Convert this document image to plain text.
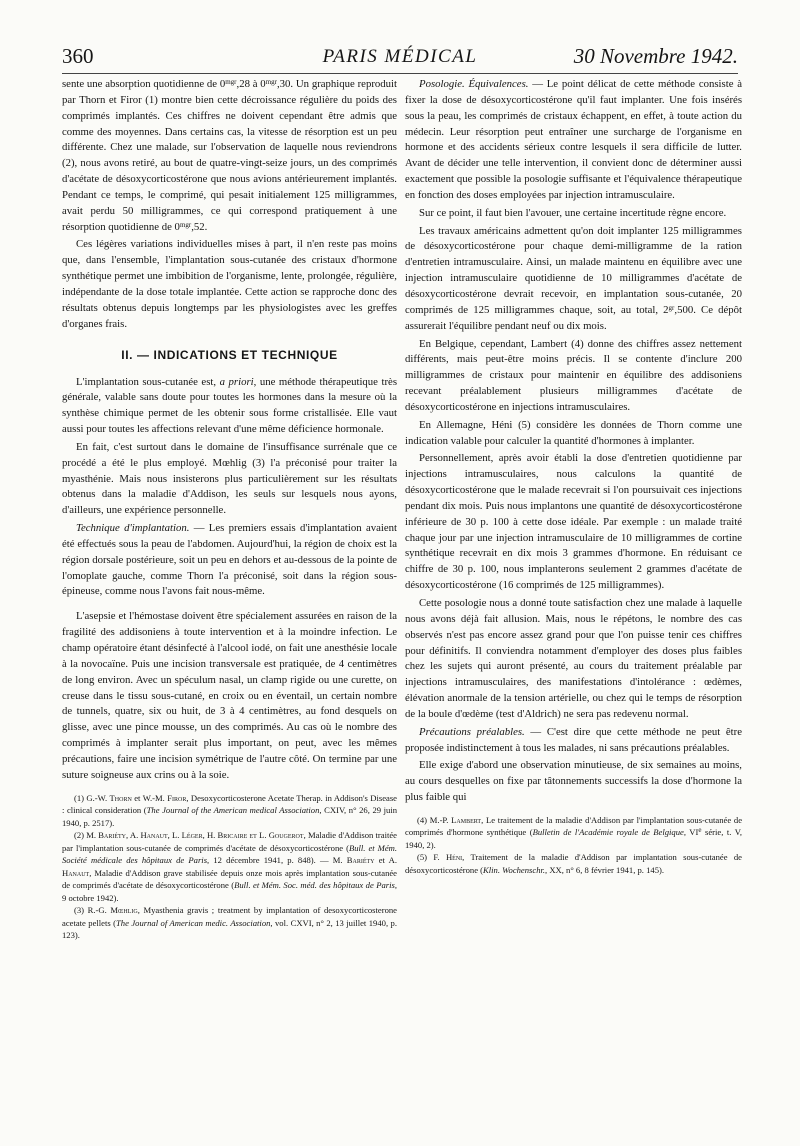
360	PARIS MÉDICAL	30 Novembre 1942.

sente une absorption quotidienne de $0^{mgr},28$ à $0^{mgr},30$. Un graphique reproduit par Thorn et Firor (1) montre bien cette décroissance régulière du poids des comprimés implantés. Ces chiffres ne doivent cependant être admis que comme des moyennes. Dans certains cas, la vitesse de résorption est un peu différente. Chez une malade, sur l'observation de laquelle nous reviendrons (2), nous avons retiré, au bout de quatre-vingt-seize jours, un des comprimés d'acétate de désoxycorticostérone que nous avions antérieurement implantés. Pendant ce temps, le comprimé, qui pesait initialement 125 milligrammes, avait perdu 50 milligrammes, ce qui correspond pratiquement à une résorption quotidienne de $0^{mgr},52$.

Ces légères variations individuelles mises à part, il n'en reste pas moins que, dans l'ensemble, l'implantation sous-cutanée des cristaux d'hormone synthétique permet une imbibition de l'organisme, lente, prolongée, régulière, indépendante de la dose totale implantée. Cette action se rapproche donc des résultats obtenus depuis longtemps par les physiologistes avec les greffes d'organes frais.

II. — INDICATIONS ET TECHNIQUE

L'implantation sous-cutanée est, a priori, une méthode thérapeutique très générale, valable sans doute pour toutes les hormones dans la mesure où la synthèse chimique permet de les obtenir sous forme cristallisée. Elle vaut aussi pour toutes les affections relevant d'une même déficience hormonale.

En fait, c'est surtout dans le domaine de l'insuffisance surrénale que ce procédé a été le plus employé. Mœhlig (3) l'a préconisé pour traiter la myasthénie. Mais nous insisterons plus particulièrement sur les résultats obtenus dans la maladie d'Addison, les seuls sur lesquels nous ayons, d'ailleurs, une expérience personnelle.

Technique d'implantation. — Les premiers essais d'implantation avaient été effectués sous la peau de l'abdomen. Aujourd'hui, la région de choix est la région dorsale postérieure, soit un peu en dehors et au-dessous de la pointe de l'omoplate gauche, comme Thorn l'a préconisé, soit dans la région sous-épineuse, comme nous l'avons fait nous-même.

L'asepsie et l'hémostase doivent être spécialement assurées en raison de la fragilité des addisoniens à toute intervention et à la moindre infection. Le champ opératoire étant désinfecté à l'alcool iodé, on fait une anesthésie locale à la novocaïne. Puis une incision transversale est pratiquée, de 4 centimètres de long environ. Avec un spéculum nasal, un clamp rigide ou une curette, on creuse dans le tissu sous-cutané, en croix ou en éventail, un certain nombre de tunnels, quatre, six ou huit, de 3 à 4 centimètres, au fond desquels on glisse, avec une pince mousse, un des comprimés. Au cas où le nombre des comprimés à implanter serait plus important, on peut, avec les mêmes précautions, faire une incision symétrique de l'autre côté. On termine par une suture soigneuse aux crins ou à la soie.

(1) G.-W. Thorn et W.-M. Firor, Desoxycorticosterone Acetate Therap. in Addison's Disease : clinical consideration (The Journal of the American medical Association, CXIV, n° 26, 29 juin 1940, p. 2517).

(2) M. Bariéty, A. Hanaut, L. Léger, H. Bricaire et L. Gougerot, Maladie d'Addison traitée par l'implantation sous-cutanée de comprimés d'acétate de désoxycorticostérone (Bull. et Mém. Société médicale des hôpitaux de Paris, 12 décembre 1941, p. 848). — M. Bariéty et A. Hanaut, Maladie d'Addison grave stabilisée depuis onze mois après implantation sous-cutanée de comprimés d'acétate de désoxycorticostérone (Bull. et Mém. Soc. méd. des hôpitaux de Paris, 9 octobre 1942).

(3) R.-G. Mœhlig, Myasthenia gravis ; treatment by implantation of desoxycorticosterone acetate pellets (The Journal of American medic. Association, vol. CXVI, n° 2, 13 juillet 1940, p. 123).

Posologie. Équivalences. — Le point délicat de cette méthode consiste à fixer la dose de désoxycorticostérone qu'il faut implanter. Une fois insérés sous la peau, les comprimés de cristaux échappent, en effet, à toute action du médecin. Leur résorption peut entraîner une surcharge de l'organisme en hormone et des accidents sérieux contre lesquels il sera difficile de lutter. Avant de décider une telle intervention, il convient donc de déterminer aussi exactement que possible la posologie suffisante et l'équivalence thérapeutique en fonction des doses employées par injection intramusculaire.

Sur ce point, il faut bien l'avouer, une certaine incertitude règne encore.

Les travaux américains admettent qu'on doit implanter 125 milligrammes de désoxycorticostérone pour chaque demi-milligramme de la ration d'entretien intramusculaire. Ainsi, un malade maintenu en équilibre avec une injection intramusculaire quotidienne de 10 milligrammes d'acétate de désoxycorticostérone devrait recevoir, en implantation sous-cutanée, 20 comprimés de 125 milligrammes chaque, soit, au total, $2^{gr},500$. Ce dépôt assurerait l'équilibre pendant neuf ou dix mois.

En Belgique, cependant, Lambert (4) donne des chiffres assez nettement différents, mais peut-être moins précis. Il se contente d'inclure 200 milligrammes de cristaux pour maintenir en équilibre des addisoniens recevant préalablement plusieurs milligrammes d'acétate de désoxycorticostérone en injections intramusculaires.

En Allemagne, Héni (5) considère les données de Thorn comme une indication valable pour calculer la quantité d'hormones à implanter.

Personnellement, après avoir établi la dose d'entretien quotidienne par injections intramusculaires, nous calculons la quantité de désoxycorticostérone que le malade recevrait si l'on poursuivait ces injections pendant dix mois. Puis nous implantons une quantité de désoxycorticostérone inférieure de 30 p. 100 à cette dose idéale. Par exemple : un malade traité chaque jour par une injection intramusculaire de 10 milligrammes de cortine synthétique recevrait en dix mois 3 grammes d'hormone. En réduisant ce chiffre de 30 p. 100, nous implanterons seulement 2 grammes d'acétate de désoxycorticostérone (16 comprimés de 125 milligrammes).

Cette posologie nous a donné toute satisfaction chez une malade à laquelle nous avons déjà fait allusion. Mais, nous le répétons, le nombre des cas observés n'est pas encore assez grand pour que l'on puisse tenir ces chiffres pour définitifs. Il conviendra notamment d'employer des doses plus faibles chez les sujets qui auront présenté, au cours du traitement préalable par injections intramusculaires, des manifestations d'intolérance : œdèmes, élévation anormale de la tension artérielle, ou chez qui le temps de résorption de la boule d'œdème (test d'Aldrich) ne sera pas redevenu normal.

Précautions préalables. — C'est dire que cette méthode ne peut être proposée indistinctement à tous les malades, ni sans précautions préalables.

Elle exige d'abord une observation minutieuse, de six semaines au moins, au cours desquelles on fixe par tâtonnements successifs la dose d'hormone la plus faible qui

(4) M.-P. Lambert, Le traitement de la maladie d'Addison par l'implantation sous-cutanée de comprimés d'hormone synthétique (Bulletin de l'Académie royale de Belgique, VIe série, t. V, 1940, 2).

(5) F. Héni, Traitement de la maladie d'Addison par implantation sous-cutanée de désoxycorticostérone (Klin. Wochenschr., XX, n° 6, 8 février 1941, p. 145).
